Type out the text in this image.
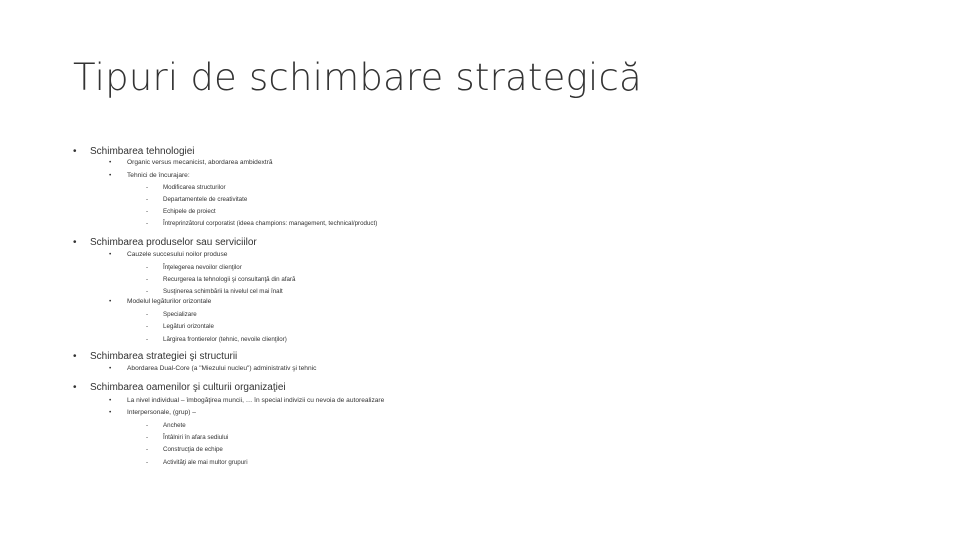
Tipuri de schimbare strategică
• Schimbarea tehnologiei
• Organic versus mecanicist, abordarea ambidextră
• Tehnici de încurajare:
- Modificarea structurilor
- Departamentele de creativitate
- Echipele de proiect
- Întreprinzătorul corporatist (ideea champions: management, technical/product)
• Schimbarea produselor sau serviciilor
• Cauzele succesului noilor produse
- Înţelegerea nevoilor clienţilor
- Recurgerea la tehnologii şi consultanţă din afară
- Susţinerea schimbării la nivelul cel mai înalt
• Modelul legăturilor orizontale
- Specializare
- Legături orizontale
- Lărgirea frontierelor (tehnic, nevoile clienţilor)
• Schimbarea strategiei şi structurii
• Abordarea Dual-Core (a "Miezului nucleu") administrativ şi tehnic
• Schimbarea oamenilor şi culturii organizaţiei
• La nivel individual – îmbogăţirea muncii, … în special indivizii cu nevoia de autorealizare
• Interpersonale, (grup) –
- Anchete
- Întâlniri în afara sediului
- Construcţia de echipe
- Activităţi ale mai multor grupuri
